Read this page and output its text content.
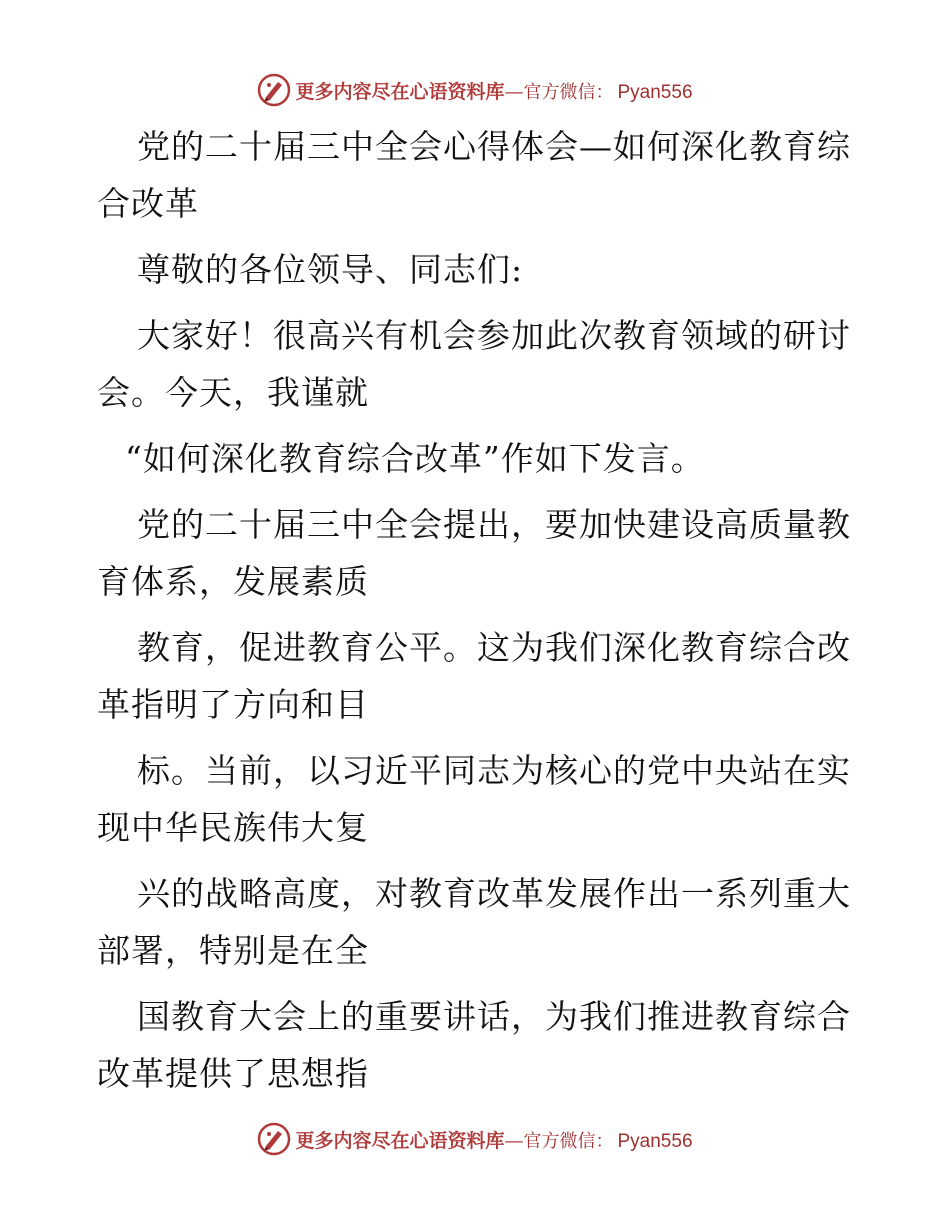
更多内容尽在心语资料库 — 官方微信： Pyan556
党的二十届三中全会心得体会—如何深化教育综
合改革
尊敬的各位领导、同志们:
大家好！很高兴有机会参加此次教育领域的研讨
会。今天，我谨就
“如何深化教育综合改革”作如下发言。
党的二十届三中全会提出，要加快建设高质量教
育体系，发展素质
教育，促进教育公平。这为我们深化教育综合改
革指明了方向和目
标。当前，以习近平同志为核心的党中央站在实
现中华民族伟大复
兴的战略高度，对教育改革发展作出一系列重大
部署，特别是在全
国教育大会上的重要讲话，为我们推进教育综合
改革提供了思想指
更多内容尽在心语资料库 — 官方微信： Pyan556
